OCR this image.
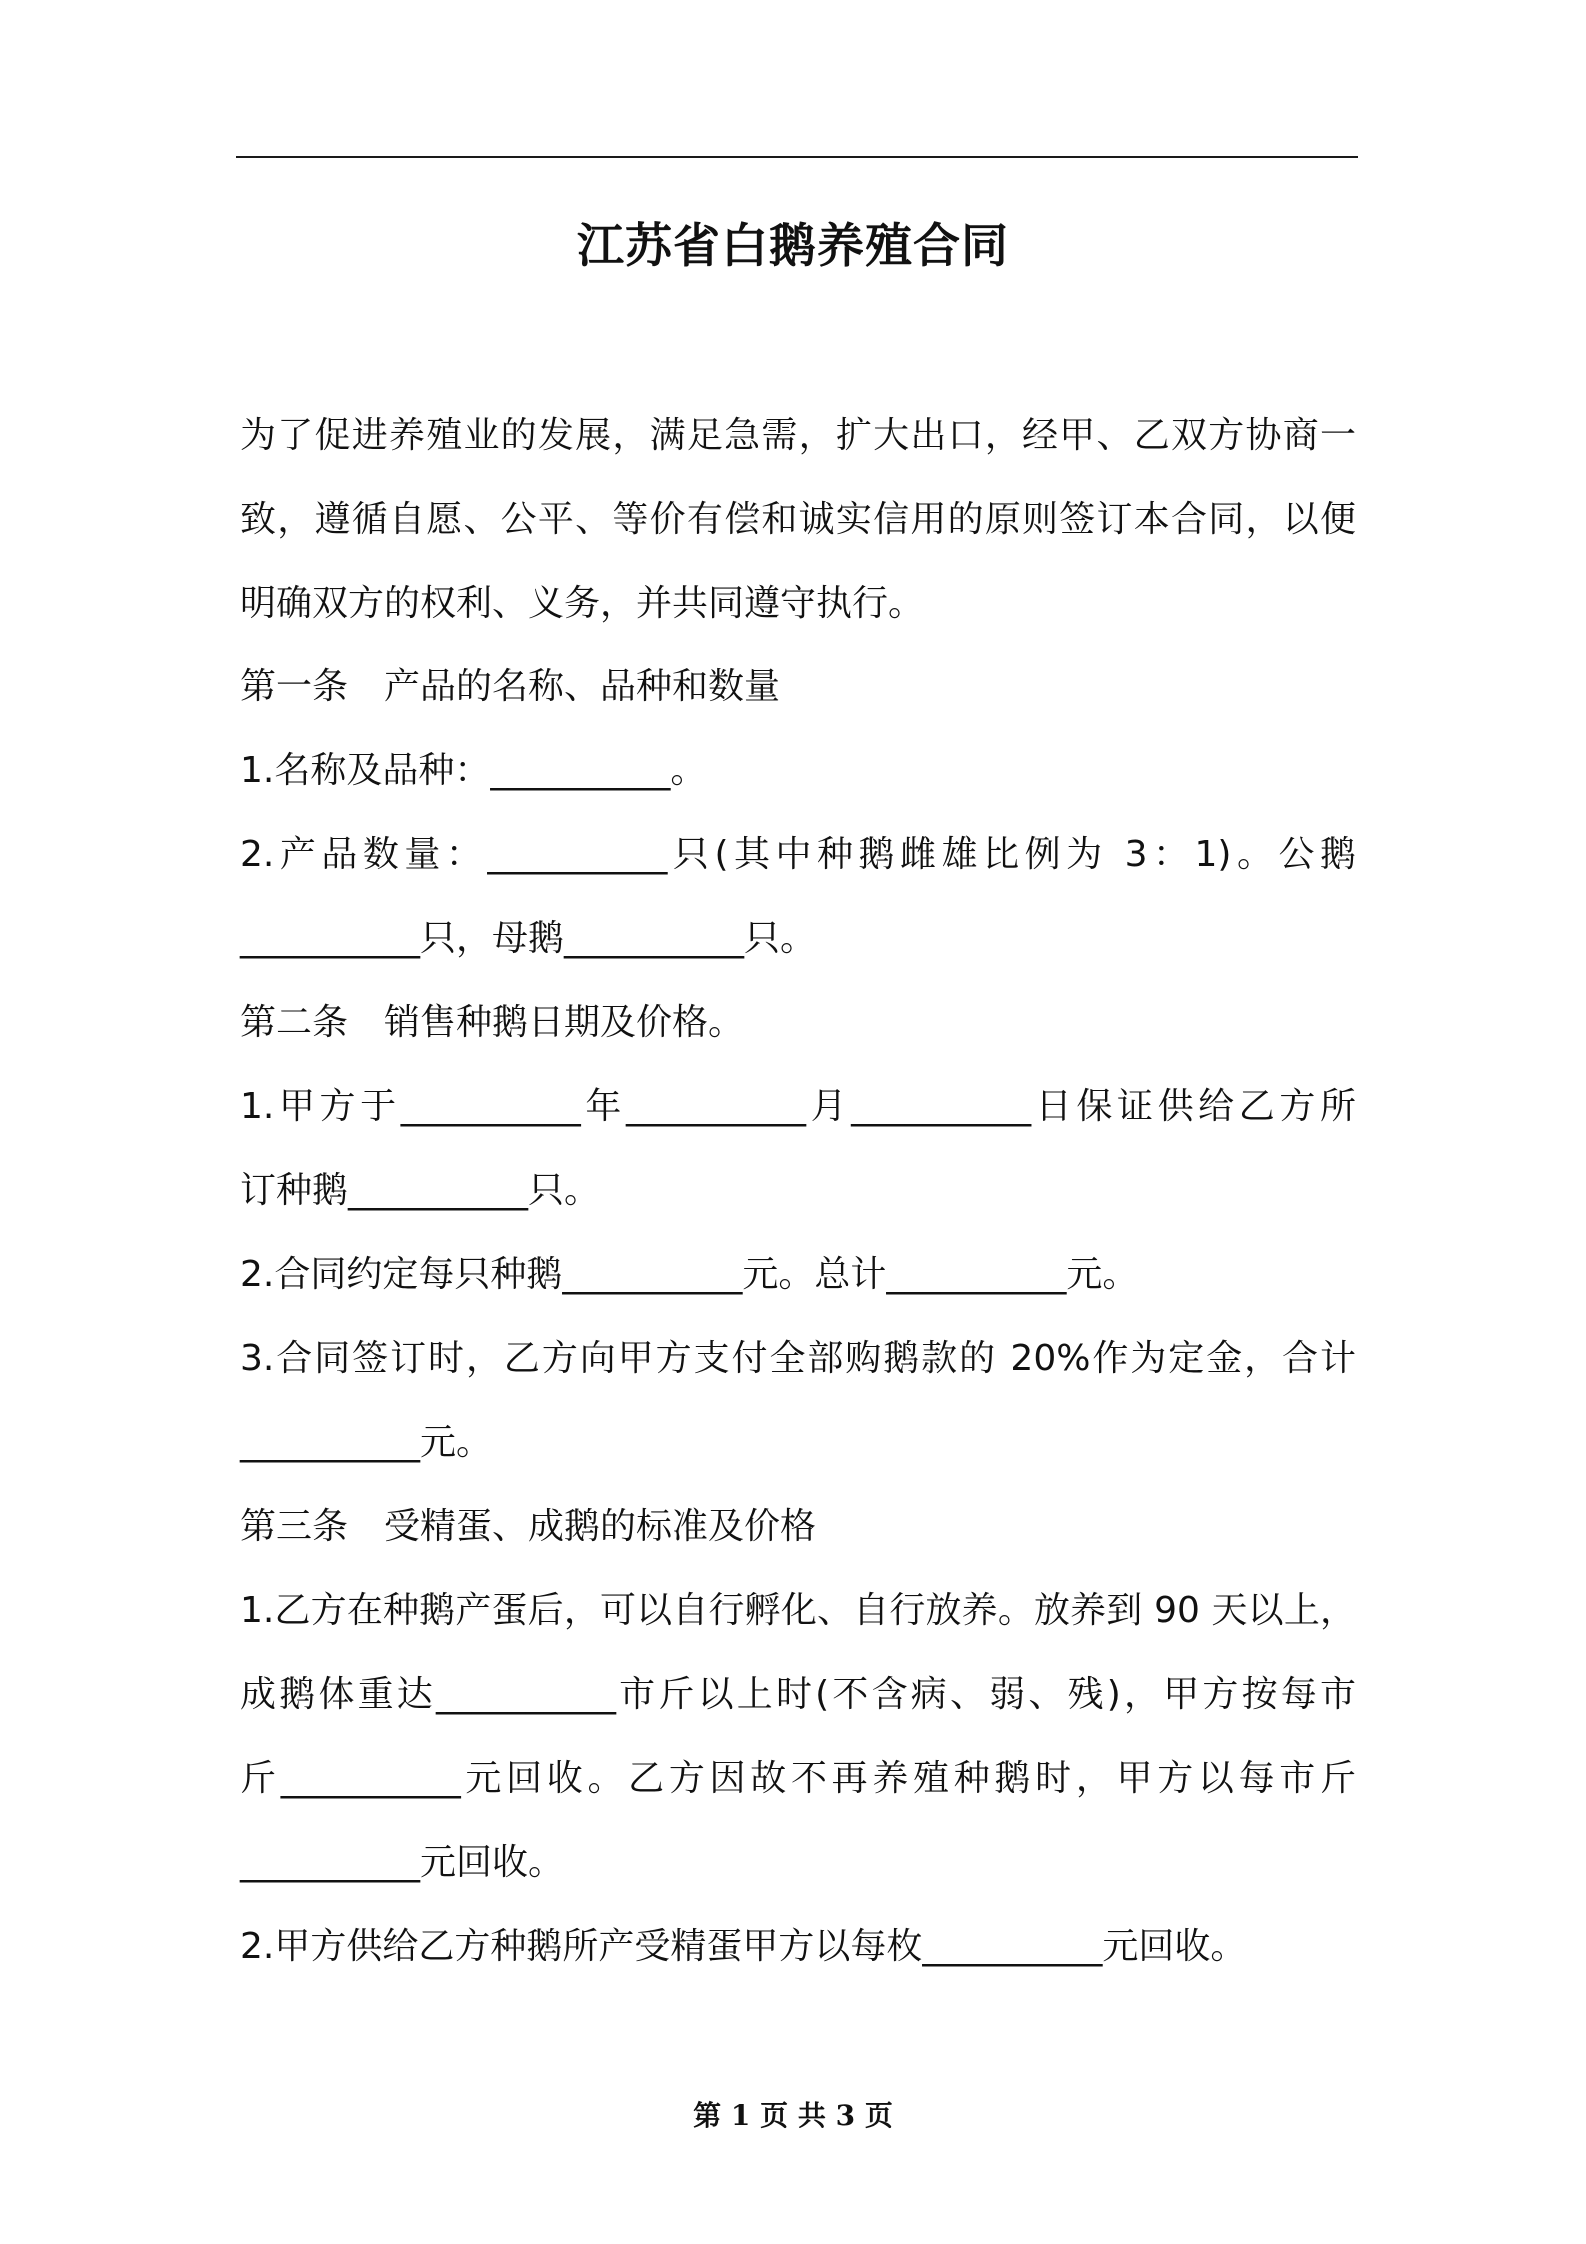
江苏省白鹅养殖合同
为了促进养殖业的发展，满足急需，扩大出口，经甲、乙双方协商一
致，遵循自愿、公平、等价有偿和诚实信用的原则签订本合同，以便
明确双方的权利、义务，并共同遵守执行。
第一条　产品的名称、品种和数量
1.名称及品种：__________。
2.产品数量：__________只(其中种鹅雌雄比例为 3：1)。公鹅
__________只，母鹅__________只。
第二条　销售种鹅日期及价格。
1.甲方于__________年__________月__________日保证供给乙方所
订种鹅__________只。
2.合同约定每只种鹅__________元。总计__________元。
3.合同签订时，乙方向甲方支付全部购鹅款的 20%作为定金，合计
__________元。
第三条　受精蛋、成鹅的标准及价格
1.乙方在种鹅产蛋后，可以自行孵化、自行放养。放养到 90 天以上，
成鹅体重达__________市斤以上时(不含病、弱、残)，甲方按每市
斤__________元回收。乙方因故不再养殖种鹅时，甲方以每市斤
__________元回收。
2.甲方供给乙方种鹅所产受精蛋甲方以每枚__________元回收。
第 1 页 共 3 页
